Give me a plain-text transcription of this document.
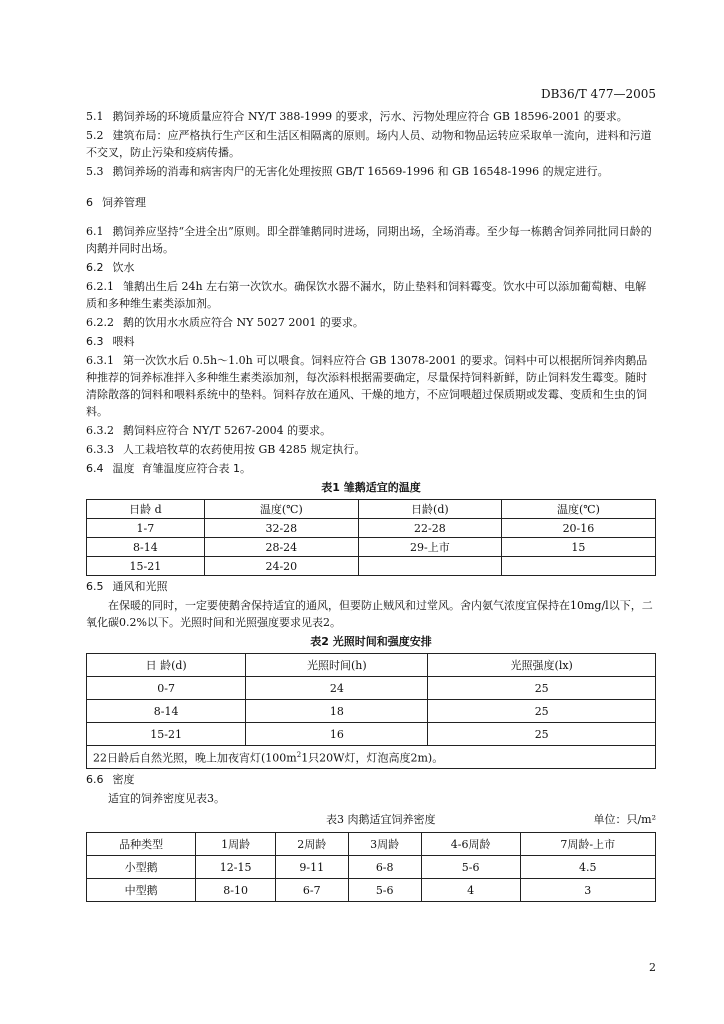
DB36/T 477—2005

5.1 鹅饲养场的环境质量应符合 NY/T 388-1999 的要求，污水、污物处理应符合 GB 18596-2001 的要求。

5.2 建筑布局：应严格执行生产区和生活区相隔离的原则。场内人员、动物和物品运转应采取单一流向，进料和污道不交叉，防止污染和疫病传播。

5.3 鹅饲养场的消毒和病害肉尸的无害化处理按照 GB/T 16569-1996 和 GB 16548-1996 的规定进行。

6 饲养管理

6.1 鹅饲养应坚持“全进全出”原则。即全群雏鹅同时进场，同期出场，全场消毒。至少每一栋鹅舍饲养同批同日龄的肉鹅并同时出场。

6.2 饮水

6.2.1 雏鹅出生后 24h 左右第一次饮水。确保饮水器不漏水，防止垫料和饲料霉变。饮水中可以添加葡萄糖、电解质和多种维生素类添加剂。

6.2.2 鹅的饮用水水质应符合 NY 5027 2001 的要求。

6.3 喂料

6.3.1 第一次饮水后 0.5h～1.0h 可以喂食。饲料应符合 GB 13078-2001 的要求。饲料中可以根据所饲养肉鹅品种推荐的饲养标准拌入多种维生素类添加剂，每次添料根据需要确定，尽量保持饲料新鲜，防止饲料发生霉变。随时清除散落的饲料和喂料系统中的垫料。饲料存放在通风、干燥的地方，不应饲喂超过保质期或发霉、变质和生虫的饲料。

6.3.2 鹅饲料应符合 NY/T 5267-2004 的要求。

6.3.3 人工栽培牧草的农药使用按 GB 4285 规定执行。

6.4 温度 育雏温度应符合表 1。

表1 雏鹅适宜的温度
日龄 d	温度(℃)	日龄(d)	温度(℃)
1-7	32-28	22-28	20-16
8-14	28-24	29-上市	15
15-21	24-20		

6.5 通风和光照

在保暖的同时，一定要使鹅舍保持适宜的通风，但要防止贼风和过堂风。舍内氨气浓度宜保持在10mg/l以下，二氧化碳0.2%以下。光照时间和光照强度要求见表2。

表2 光照时间和强度安排
日 龄(d)	光照时间(h)	光照强度(lx)
0-7	24	25
8-14	18	25
15-21	16	25
22日龄后自然光照，晚上加夜宵灯($100m^21$只20W灯，灯泡高度2m)。		

6.6 密度

适宜的饲养密度见表3。

表3 肉鹅适宜饲养密度	单位：只/m²
品种类型	1周龄	2周龄	3周龄	4-6周龄	7周龄-上市
小型鹅	12-15	9-11	6-8	5-6	4.5
中型鹅	8-10	6-7	5-6	4	3
2
